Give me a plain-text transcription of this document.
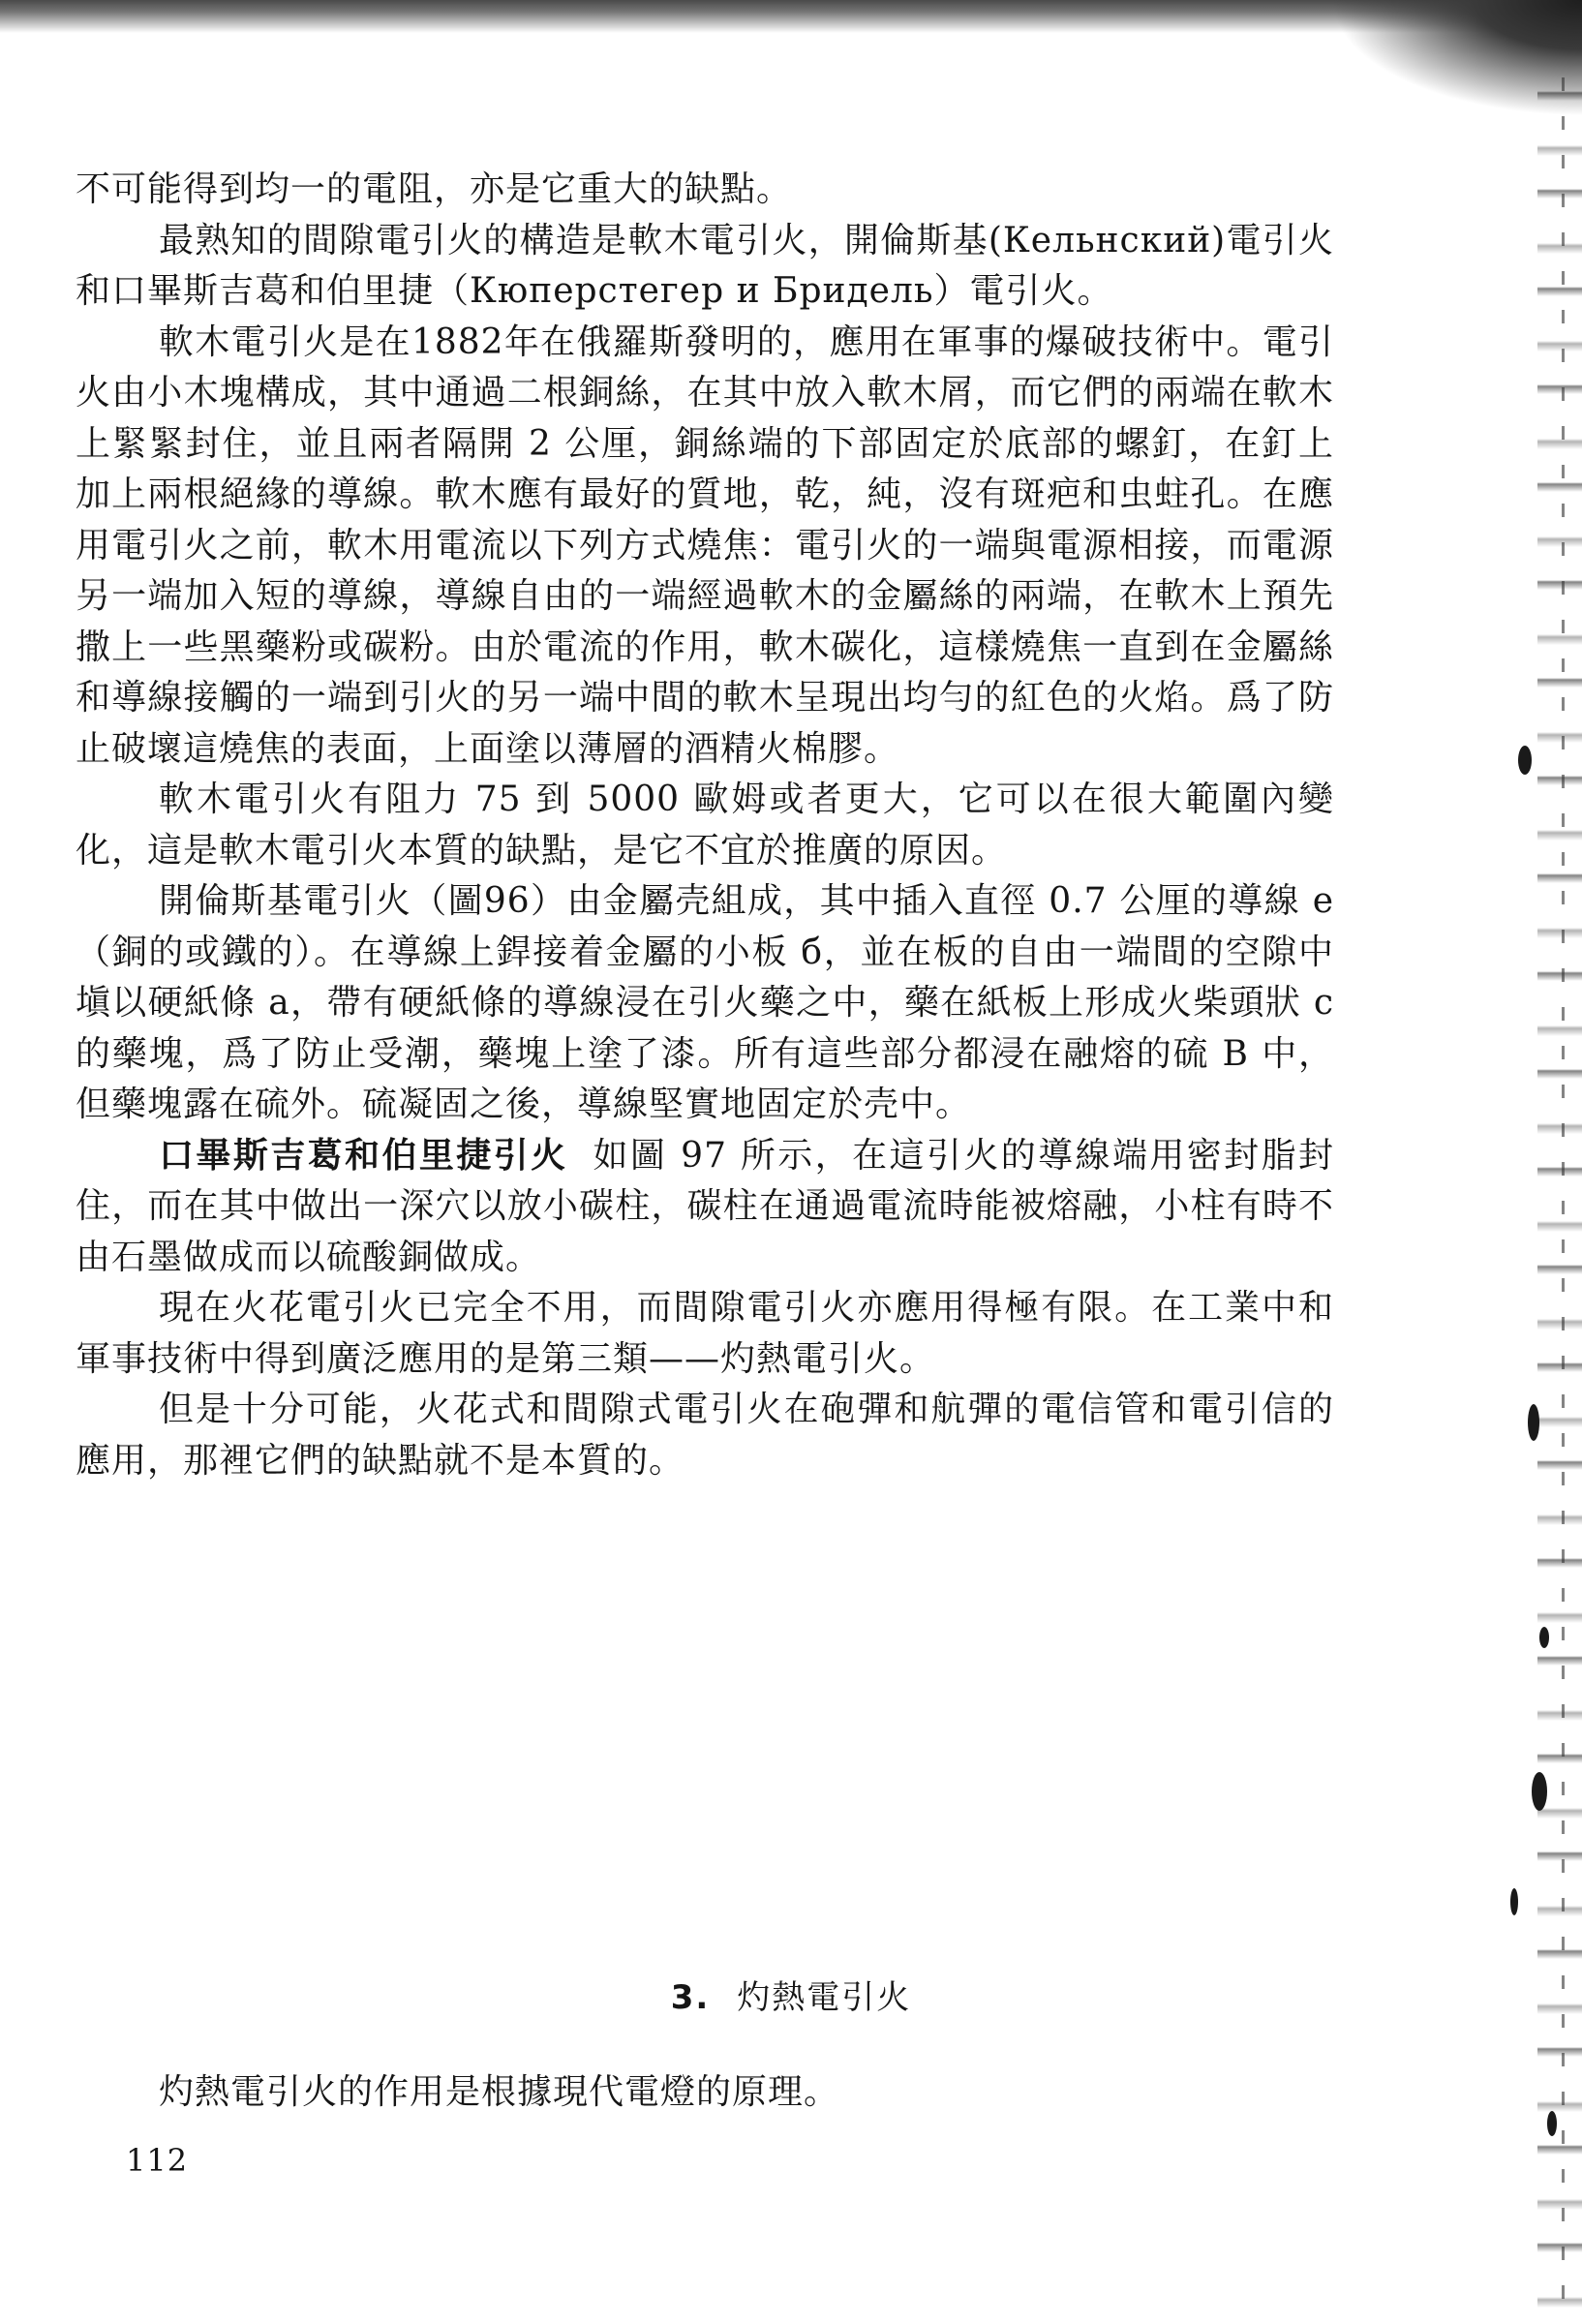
不可能得到均一的電阻，亦是它重大的缺點。

最熟知的間隙電引火的構造是軟木電引火，開倫斯基(Кельнский)電引火和口畢斯吉葛和伯里捷（Кюперстегер и Бридель）電引火。

軟木電引火是在1882年在俄羅斯發明的，應用在軍事的爆破技術中。電引火由小木塊構成，其中通過二根銅絲，在其中放入軟木屑，而它們的兩端在軟木上緊緊封住，並且兩者隔開 2 公厘，銅絲端的下部固定於底部的螺釘，在釘上加上兩根絕緣的導線。軟木應有最好的質地，乾，純，沒有斑疤和虫蛀孔。在應用電引火之前，軟木用電流以下列方式燒焦：電引火的一端與電源相接，而電源另一端加入短的導線，導線自由的一端經過軟木的金屬絲的兩端，在軟木上預先撒上一些黑藥粉或碳粉。由於電流的作用，軟木碳化，這樣燒焦一直到在金屬絲和導線接觸的一端到引火的另一端中間的軟木呈現出均勻的紅色的火焰。爲了防止破壞這燒焦的表面，上面塗以薄層的酒精火棉膠。

軟木電引火有阻力 75 到 5000 歐姆或者更大，它可以在很大範圍內變化，這是軟木電引火本質的缺點，是它不宜於推廣的原因。

開倫斯基電引火（圖96）由金屬壳組成，其中插入直徑 0.7 公厘的導線 e（銅的或鐵的）。在導線上銲接着金屬的小板 б，並在板的自由一端間的空隙中塡以硬紙條 a，帶有硬紙條的導線浸在引火藥之中，藥在紙板上形成火柴頭狀 c 的藥塊，爲了防止受潮，藥塊上塗了漆。所有這些部分都浸在融熔的硫 B 中，但藥塊露在硫外。硫凝固之後，導線堅實地固定於壳中。

口畢斯吉葛和伯里捷引火 如圖 97 所示，在這引火的導線端用密封脂封住，而在其中做出一深穴以放小碳柱，碳柱在通過電流時能被熔融，小柱有時不由石墨做成而以硫酸銅做成。

現在火花電引火已完全不用，而間隙電引火亦應用得極有限。在工業中和軍事技術中得到廣泛應用的是第三類——灼熱電引火。

但是十分可能，火花式和間隙式電引火在砲彈和航彈的電信管和電引信的應用，那裡它們的缺點就不是本質的。

3. 灼熱電引火
灼熱電引火的作用是根據現代電燈的原理。
112
